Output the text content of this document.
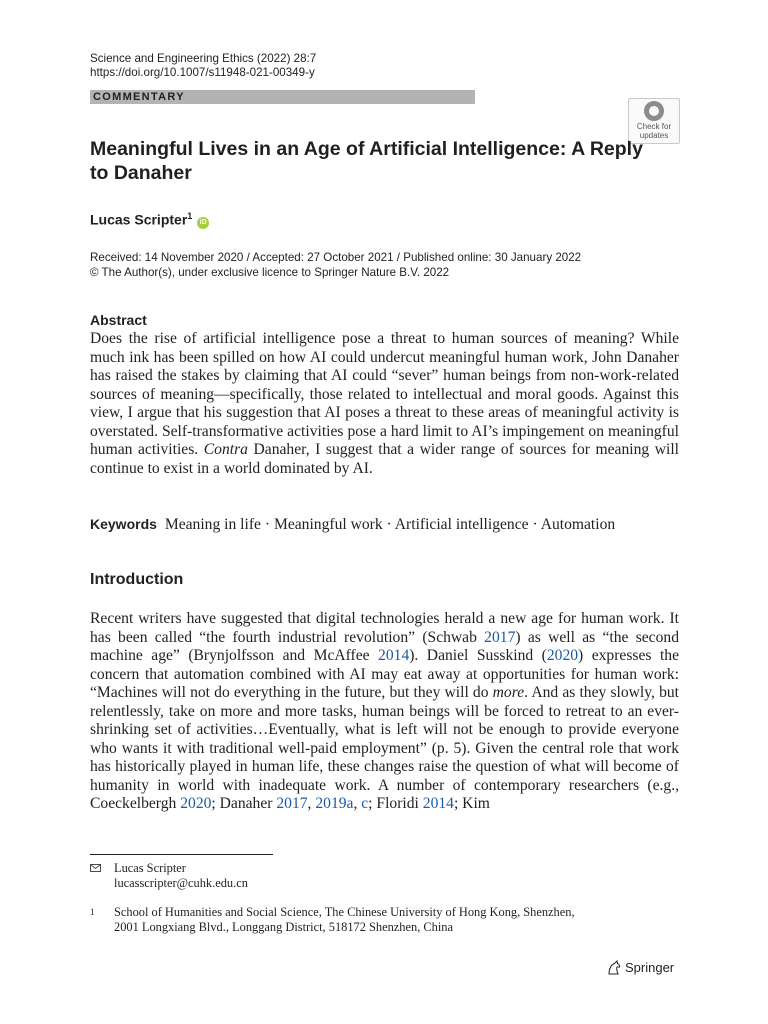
Science and Engineering Ethics (2022) 28:7
https://doi.org/10.1007/s11948-021-00349-y
COMMENTARY
Check for
updates
Meaningful Lives in an Age of Artificial Intelligence: A Reply to Danaher
Lucas Scripter$^1$ iD
Received: 14 November 2020 / Accepted: 27 October 2021 / Published online: 30 January 2022
© The Author(s), under exclusive licence to Springer Nature B.V. 2022
Abstract
Does the rise of artificial intelligence pose a threat to human sources of meaning? While much ink has been spilled on how AI could undercut meaningful human work, John Danaher has raised the stakes by claiming that AI could “sever” human beings from non-work-related sources of meaning—specifically, those related to intellectual and moral goods. Against this view, I argue that his suggestion that AI poses a threat to these areas of meaningful activity is overstated. Self-transformative activities pose a hard limit to AI’s impingement on meaningful human activities. Contra Danaher, I suggest that a wider range of sources for meaning will continue to exist in a world dominated by AI.
Keywords Meaning in life · Meaningful work · Artificial intelligence · Automation
Introduction
Recent writers have suggested that digital technologies herald a new age for human work. It has been called “the fourth industrial revolution” (Schwab 2017) as well as “the second machine age” (Brynjolfsson and McAffee 2014). Daniel Susskind (2020) expresses the concern that automation combined with AI may eat away at opportunities for human work: “Machines will not do everything in the future, but they will do more. And as they slowly, but relentlessly, take on more and more tasks, human beings will be forced to retreat to an ever-shrinking set of activities…Eventually, what is left will not be enough to provide everyone who wants it with traditional well-paid employment” (p. 5). Given the central role that work has historically played in human life, these changes raise the question of what will become of humanity in world with inadequate work. A number of contemporary researchers (e.g., Coeckelbergh 2020; Danaher 2017, 2019a, c; Floridi 2014; Kim
Lucas Scripter
lucasscripter@cuhk.edu.cn
1	School of Humanities and Social Science, The Chinese University of Hong Kong, Shenzhen,
2001 Longxiang Blvd., Longgang District, 518172 Shenzhen, China
Springer
